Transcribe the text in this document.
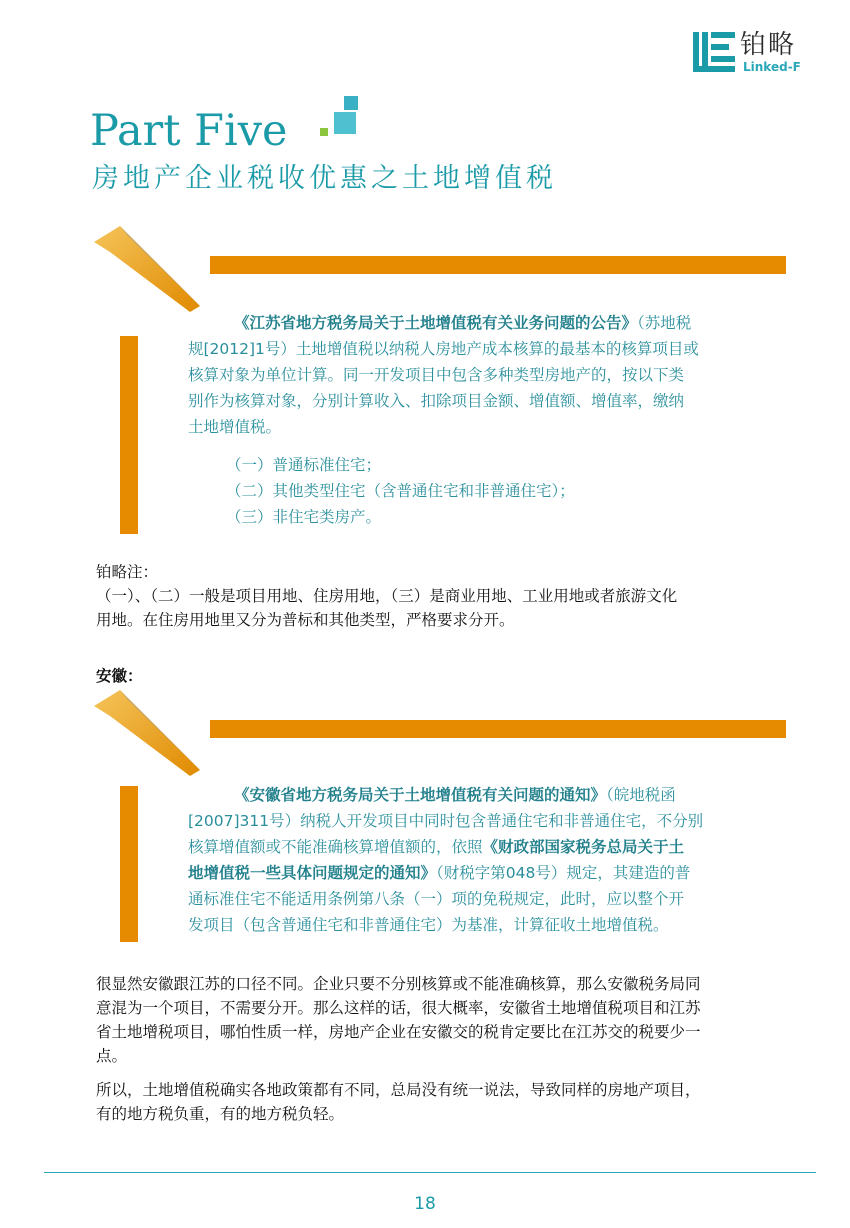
铂略
Linked-F
Part Five
房地产企业税收优惠之土地增值税
《江苏省地方税务局关于土地增值税有关业务问题的公告》（苏地税
规[2012]1号）土地增值税以纳税人房地产成本核算的最基本的核算项目或
核算对象为单位计算。同一开发项目中包含多种类型房地产的，按以下类
别作为核算对象，分别计算收入、扣除项目金额、增值额、增值率，缴纳
土地增值税。
（一）普通标准住宅；
（二）其他类型住宅（含普通住宅和非普通住宅）；
（三）非住宅类房产。
铂略注：
（一）、（二）一般是项目用地、住房用地，（三）是商业用地、工业用地或者旅游文化
用地。在住房用地里又分为普标和其他类型，严格要求分开。
安徽：
《安徽省地方税务局关于土地增值税有关问题的通知》（皖地税函
[2007]311号）纳税人开发项目中同时包含普通住宅和非普通住宅，不分别
核算增值额或不能准确核算增值额的，依照《财政部国家税务总局关于土
地增值税一些具体问题规定的通知》（财税字第048号）规定，其建造的普
通标准住宅不能适用条例第八条（一）项的免税规定，此时，应以整个开
发项目（包含普通住宅和非普通住宅）为基准，计算征收土地增值税。
很显然安徽跟江苏的口径不同。企业只要不分别核算或不能准确核算，那么安徽税务局同
意混为一个项目，不需要分开。那么这样的话，很大概率，安徽省土地增值税项目和江苏
省土地增税项目，哪怕性质一样，房地产企业在安徽交的税肯定要比在江苏交的税要少一
点。
所以，土地增值税确实各地政策都有不同，总局没有统一说法，导致同样的房地产项目，
有的地方税负重，有的地方税负轻。
18
